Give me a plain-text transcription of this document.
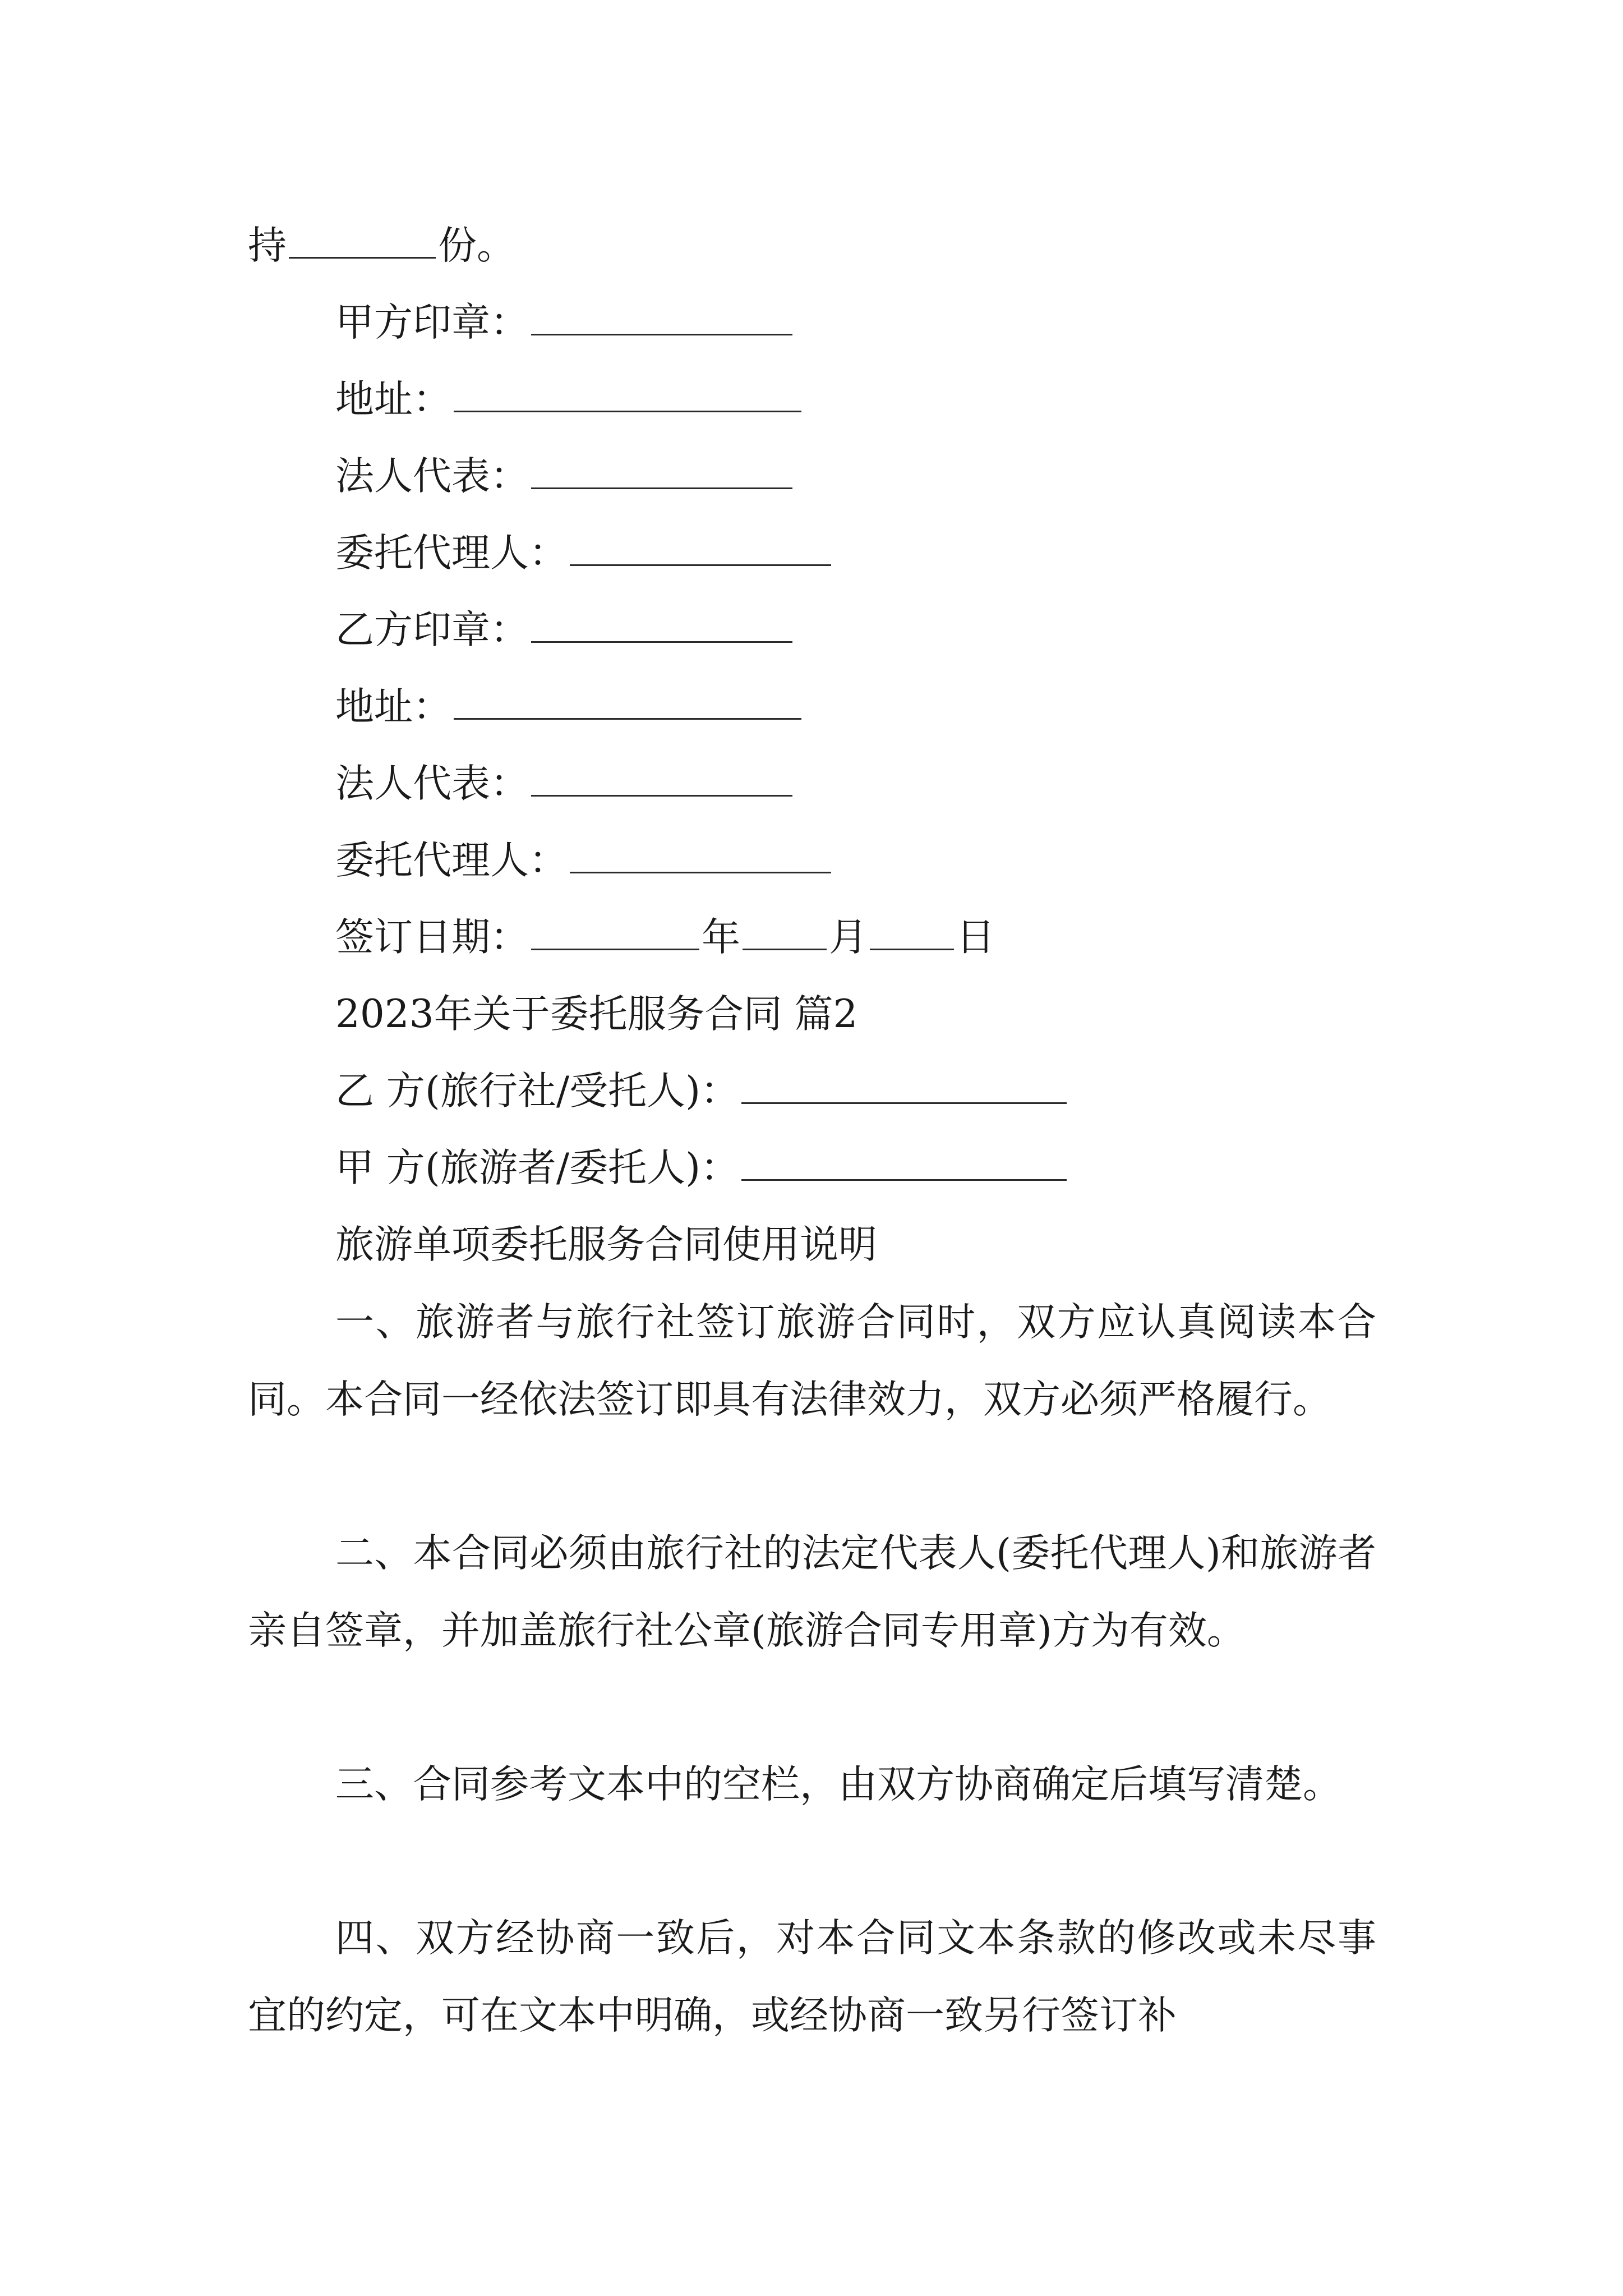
持	份。
甲方印章：
地址：
法人代表：
委托代理人：
乙方印章：
地址：
法人代表：
委托代理人：
签订日期：	年 月 日
2023年关于委托服务合同 篇2
乙 方(旅行社/受托人)：
甲 方(旅游者/委托人)：
旅游单项委托服务合同使用说明
一、旅游者与旅行社签订旅游合同时，双方应认真阅读本合同。本合同一经依法签订即具有法律效力，双方必须严格履行。
二、本合同必须由旅行社的法定代表人(委托代理人)和旅游者亲自签章，并加盖旅行社公章(旅游合同专用章)方为有效。
三、合同参考文本中的空栏，由双方协商确定后填写清楚。
四、双方经协商一致后，对本合同文本条款的修改或未尽事宜的约定，可在文本中明确，或经协商一致另行签订补
